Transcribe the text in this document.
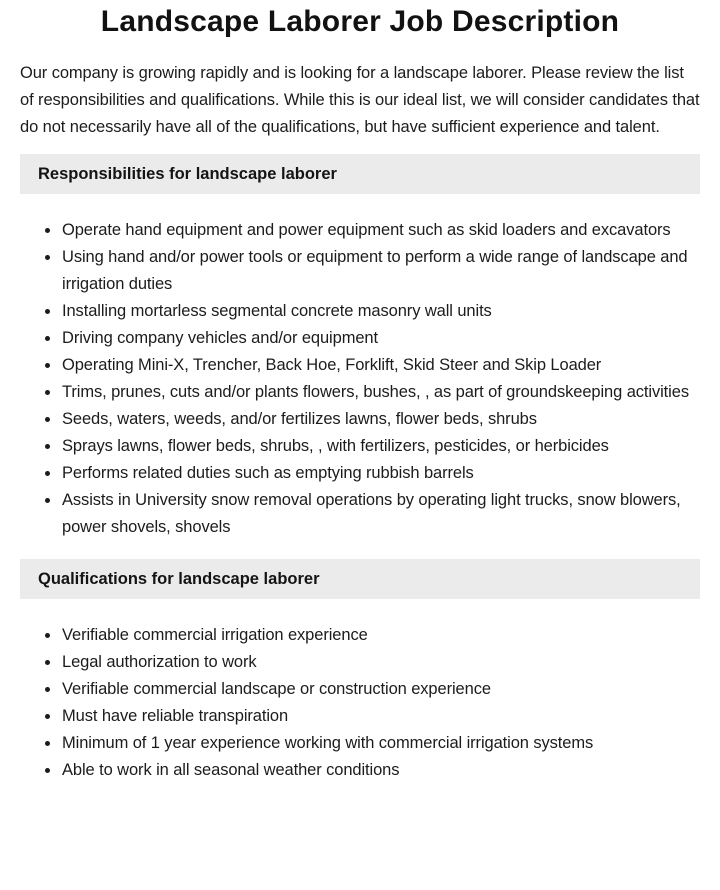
Landscape Laborer Job Description

Our company is growing rapidly and is looking for a landscape laborer. Please review the list of responsibilities and qualifications. While this is our ideal list, we will consider candidates that do not necessarily have all of the qualifications, but have sufficient experience and talent.

Responsibilities for landscape laborer
Operate hand equipment and power equipment such as skid loaders and excavators
Using hand and/or power tools or equipment to perform a wide range of landscape and irrigation duties
Installing mortarless segmental concrete masonry wall units
Driving company vehicles and/or equipment
Operating Mini-X, Trencher, Back Hoe, Forklift, Skid Steer and Skip Loader
Trims, prunes, cuts and/or plants flowers, bushes, , as part of groundskeeping activities
Seeds, waters, weeds, and/or fertilizes lawns, flower beds, shrubs
Sprays lawns, flower beds, shrubs, , with fertilizers, pesticides, or herbicides
Performs related duties such as emptying rubbish barrels
Assists in University snow removal operations by operating light trucks, snow blowers, power shovels, shovels
Qualifications for landscape laborer
Verifiable commercial irrigation experience
Legal authorization to work
Verifiable commercial landscape or construction experience
Must have reliable transpiration
Minimum of 1 year experience working with commercial irrigation systems
Able to work in all seasonal weather conditions
